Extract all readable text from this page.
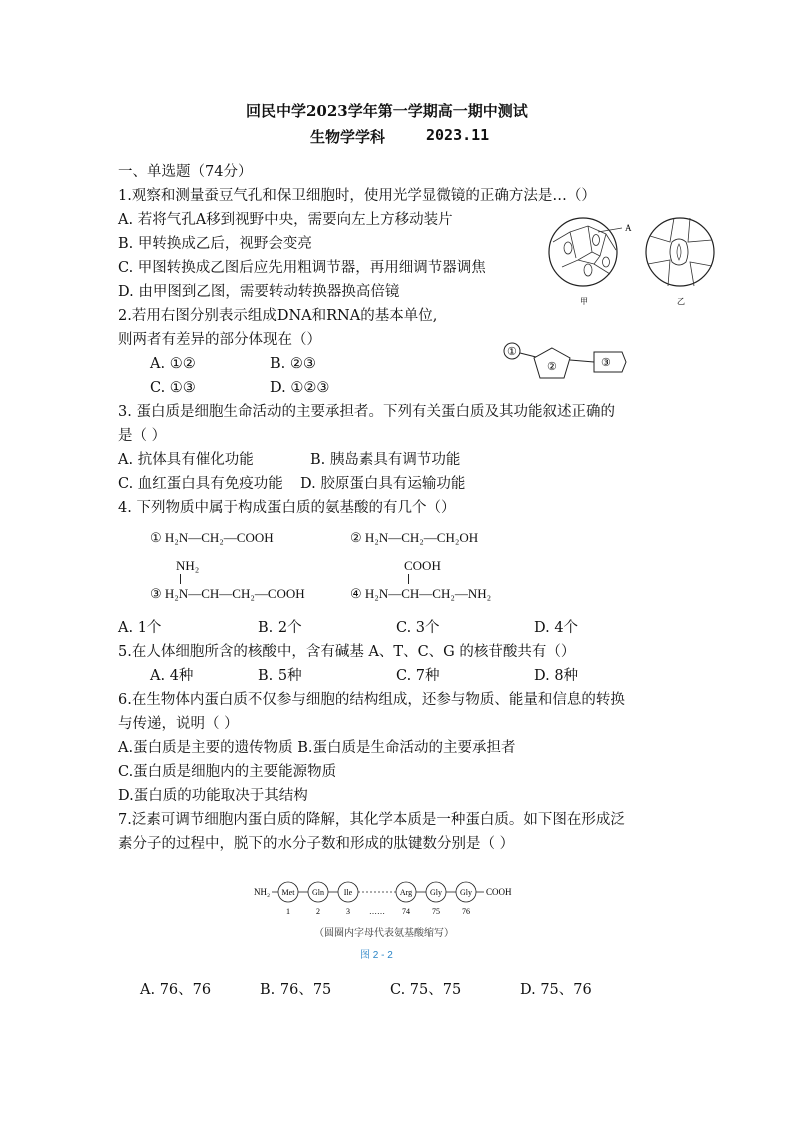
回民中学2023学年第一学期高一期中测试
生物学学科	2023.11
一、单选题（74分）
1.观察和测量蚕豆气孔和保卫细胞时，使用光学显微镜的正确方法是…（）
A. 若将气孔A移到视野中央，需要向左上方移动装片
B. 甲转换成乙后，视野会变亮
C. 甲图转换成乙图后应先用粗调节器，再用细调节器调焦
D. 由甲图到乙图，需要转动转换器换高倍镜
A
甲	乙
2.若用右图分别表示组成DNA和RNA的基本单位,
则两者有差异的部分体现在（）
A. ①②	B. ②③
C. ①③	D. ①②③
①
②	③
3. 蛋白质是细胞生命活动的主要承担者。下列有关蛋白质及其功能叙述正确的
是（ ）
A. 抗体具有催化功能	B. 胰岛素具有调节功能
C. 血红蛋白具有免疫功能 D. 胶原蛋白具有运输功能
4. 下列物质中属于构成蛋白质的氨基酸的有几个（）
① H₂N—CH₂—COOH	② H₂N—CH₂—CH₂OH
NH₂
③ H₂N—CH—CH₂—COOH
COOH
④ H₂N—CH—CH₂—NH₂
A. 1个	B. 2个	C. 3个	D. 4个
5.在人体细胞所含的核酸中，含有碱基 A、T、C、G 的核苷酸共有（）
A. 4种	B. 5种	C. 7种	D. 8种
6.在生物体内蛋白质不仅参与细胞的结构组成，还参与物质、能量和信息的转换
与传递，说明（ ）
A.蛋白质是主要的遗传物质 B.蛋白质是生命活动的主要承担者
C.蛋白质是细胞内的主要能源物质
D.蛋白质的功能取决于其结构
7.泛素可调节细胞内蛋白质的降解，其化学本质是一种蛋白质。如下图在形成泛
素分子的过程中，脱下的水分子数和形成的肽键数分别是（ ）
NH₂	COOH
Met Gln Ile	Arg Gly Gly
1	2	3 …… 74	75	76
（圆圈内字母代表氨基酸缩写）
图 2 - 2
A. 76、76	B. 76、75	C. 75、75	D. 75、76
